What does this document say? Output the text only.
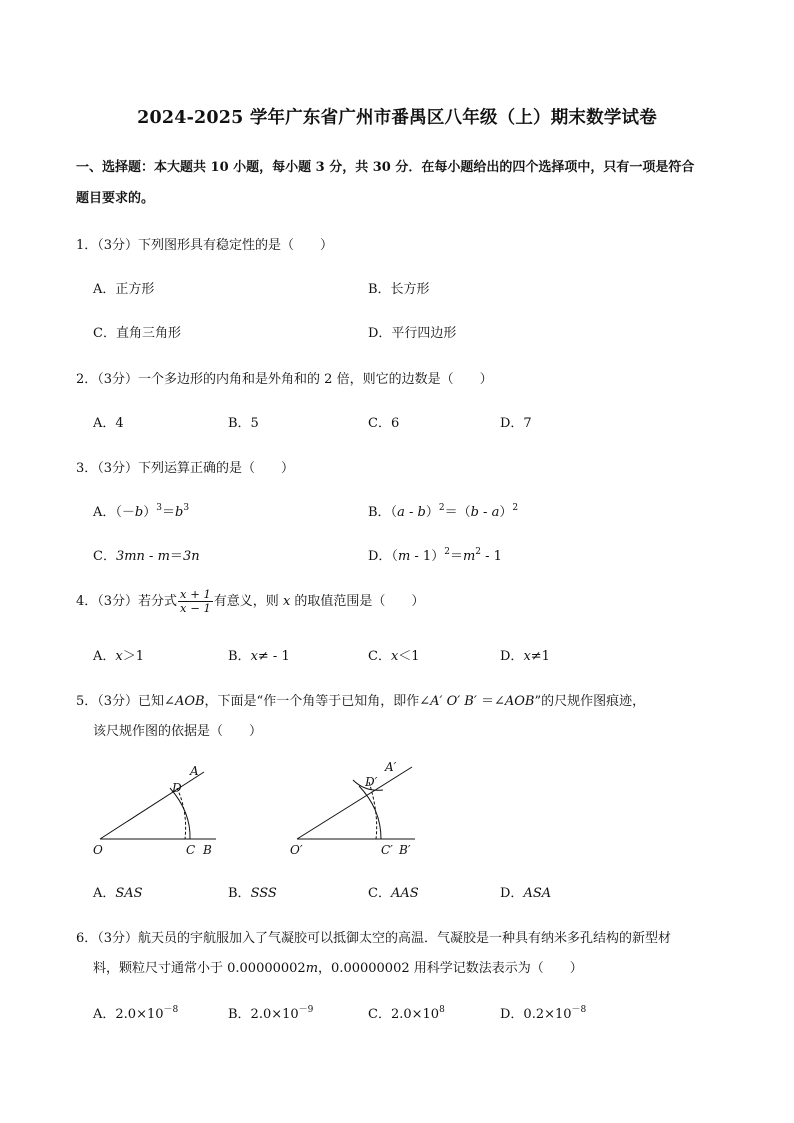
2024-2025 学年广东省广州市番禺区八年级（上）期末数学试卷
一、选择题：本大题共 10 小题，每小题 3 分，共 30 分．在每小题给出的四个选择项中，只有一项是符合
题目要求的。
1．（3分）下列图形具有稳定性的是（　　）
A．正方形	B．长方形
C．直角三角形	D．平行四边形
2．（3分）一个多边形的内角和是外角和的 2 倍，则它的边数是（　　）
A．4	B．5	C．6	D．7
3．（3分）下列运算正确的是（　　）
A．$(-b)^3=b^3$	B．（a - b）$^2$＝（b - a）$^2$
C．3mn - m＝3n	D．$(m - 1)^2=m^2 - 1$
4．（3分）若分式 $\frac{x + 1}{x - 1}$ 有意义，则 x 的取值范围是（　　）
A．x＞1	B．x≠ - 1	C．x＜1	D．x≠1
5．（3分）已知∠AOB，下面是“作一个角等于已知角，即作∠A′ O′ B′ ＝∠AOB”的尺规作图痕迹，
该尺规作图的依据是（　　）
A
D
O	C B
A′
D′
O′	C′ B′
A．SAS	B．SSS	C．AAS	D．ASA
6．（3分）航天员的宇航服加入了气凝胶可以抵御太空的高温．气凝胶是一种具有纳米多孔结构的新型材
料，颗粒尺寸通常小于 0.00000002m，0.00000002 用科学记数法表示为（　　）
A．$2.0\times 10^{-8}$	B．$2.0\times 10^{-9}$	C．$2.0\times 10^8$	D．$0.2\times 10^{-8}$
